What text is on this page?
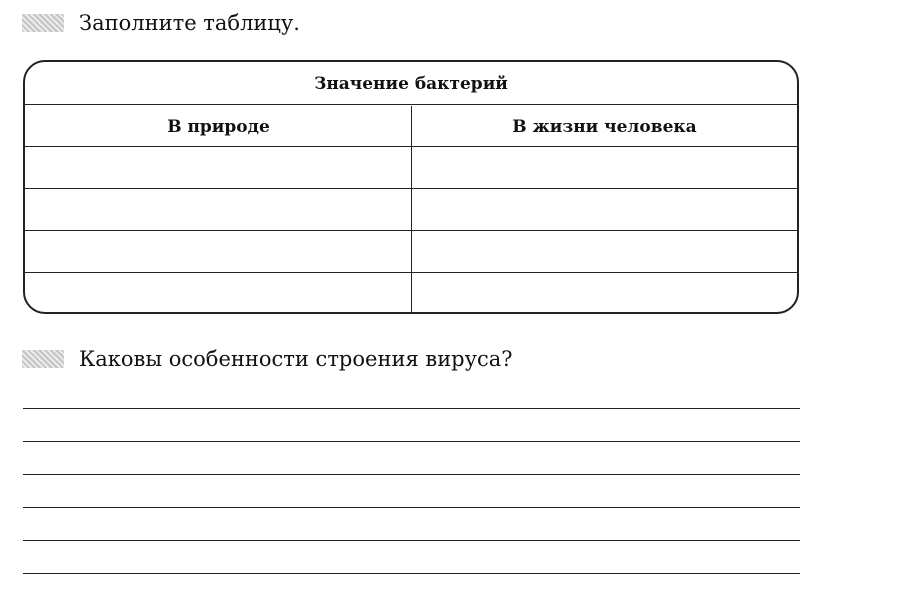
Заполните таблицу.
Значение бактерий
В природе	В жизни человека
Каковы особенности строения вируса?
